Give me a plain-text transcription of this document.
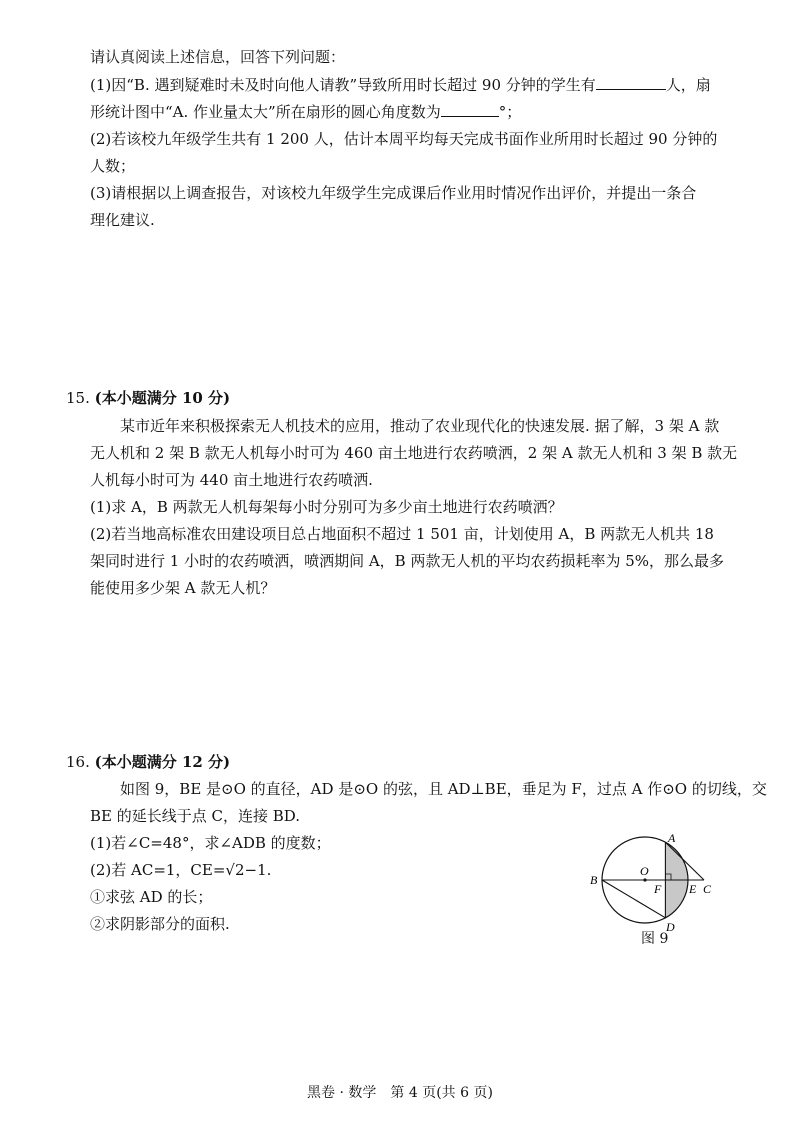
请认真阅读上述信息，回答下列问题：
(1)因“B. 遇到疑难时未及时向他人请教”导致所用时长超过 90 分钟的学生有	人，扇
形统计图中“A. 作业量太大”所在扇形的圆心角度数为	°；
(2)若该校九年级学生共有 1 200 人，估计本周平均每天完成书面作业所用时长超过 90 分钟的
人数；
(3)请根据以上调查报告，对该校九年级学生完成课后作业用时情况作出评价，并提出一条合
理化建议.
15. (本小题满分 10 分)
某市近年来积极探索无人机技术的应用，推动了农业现代化的快速发展. 据了解，3 架 A 款
无人机和 2 架 B 款无人机每小时可为 460 亩土地进行农药喷洒，2 架 A 款无人机和 3 架 B 款无
人机每小时可为 440 亩土地进行农药喷洒.
(1)求 A，B 两款无人机每架每小时分别可为多少亩土地进行农药喷洒？
(2)若当地高标准农田建设项目总占地面积不超过 1 501 亩，计划使用 A，B 两款无人机共 18
架同时进行 1 小时的农药喷洒，喷洒期间 A，B 两款无人机的平均农药损耗率为 5%，那么最多
能使用多少架 A 款无人机？
16. (本小题满分 12 分)
如图 9，BE 是⊙O 的直径，AD 是⊙O 的弦，且 AD⊥BE，垂足为 F，过点 A 作⊙O 的切线，交
BE 的延长线于点 C，连接 BD.
(1)若∠C=48°，求∠ADB 的度数；
(2)若 AC=1，CE=√2−1.
①求弦 AD 的长；
②求阴影部分的面积.
A
B
O
F E C
D
图 9
黑卷 · 数学　第 4 页(共 6 页)
